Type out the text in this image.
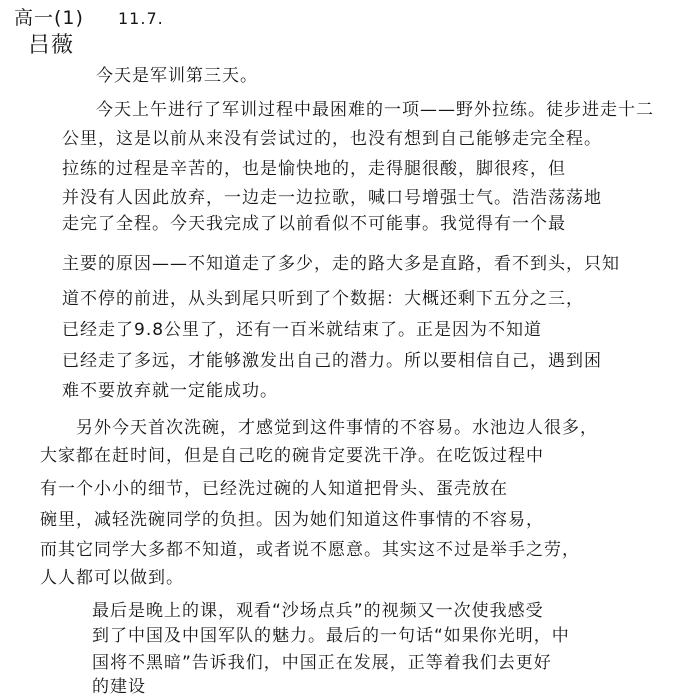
高一(1) 11.7.
吕薇
今天是军训第三天。
今天上午进行了军训过程中最困难的一项——野外拉练。徒步进走十二
公里，这是以前从来没有尝试过的，也没有想到自己能够走完全程。
拉练的过程是辛苦的，也是愉快地的，走得腿很酸，脚很疼，但
并没有人因此放弃，一边走一边拉歌，喊口号增强士气。浩浩荡荡地
走完了全程。今天我完成了以前看似不可能事。我觉得有一个最
主要的原因——不知道走了多少，走的路大多是直路，看不到头，只知
道不停的前进，从头到尾只听到了个数据：大概还剩下五分之三，
已经走了9.8公里了，还有一百米就结束了。正是因为不知道
已经走了多远，才能够激发出自己的潜力。所以要相信自己，遇到困
难不要放弃就一定能成功。
另外今天首次洗碗，才感觉到这件事情的不容易。水池边人很多，
大家都在赶时间，但是自己吃的碗肯定要洗干净。在吃饭过程中
有一个小小的细节，已经洗过碗的人知道把骨头、蛋壳放在
碗里，减轻洗碗同学的负担。因为她们知道这件事情的不容易，
而其它同学大多都不知道，或者说不愿意。其实这不过是举手之劳，
人人都可以做到。
最后是晚上的课，观看“沙场点兵”的视频又一次使我感受
到了中国及中国军队的魅力。最后的一句话“如果你光明，中
国将不黑暗”告诉我们，中国正在发展，正等着我们去更好
的建设
